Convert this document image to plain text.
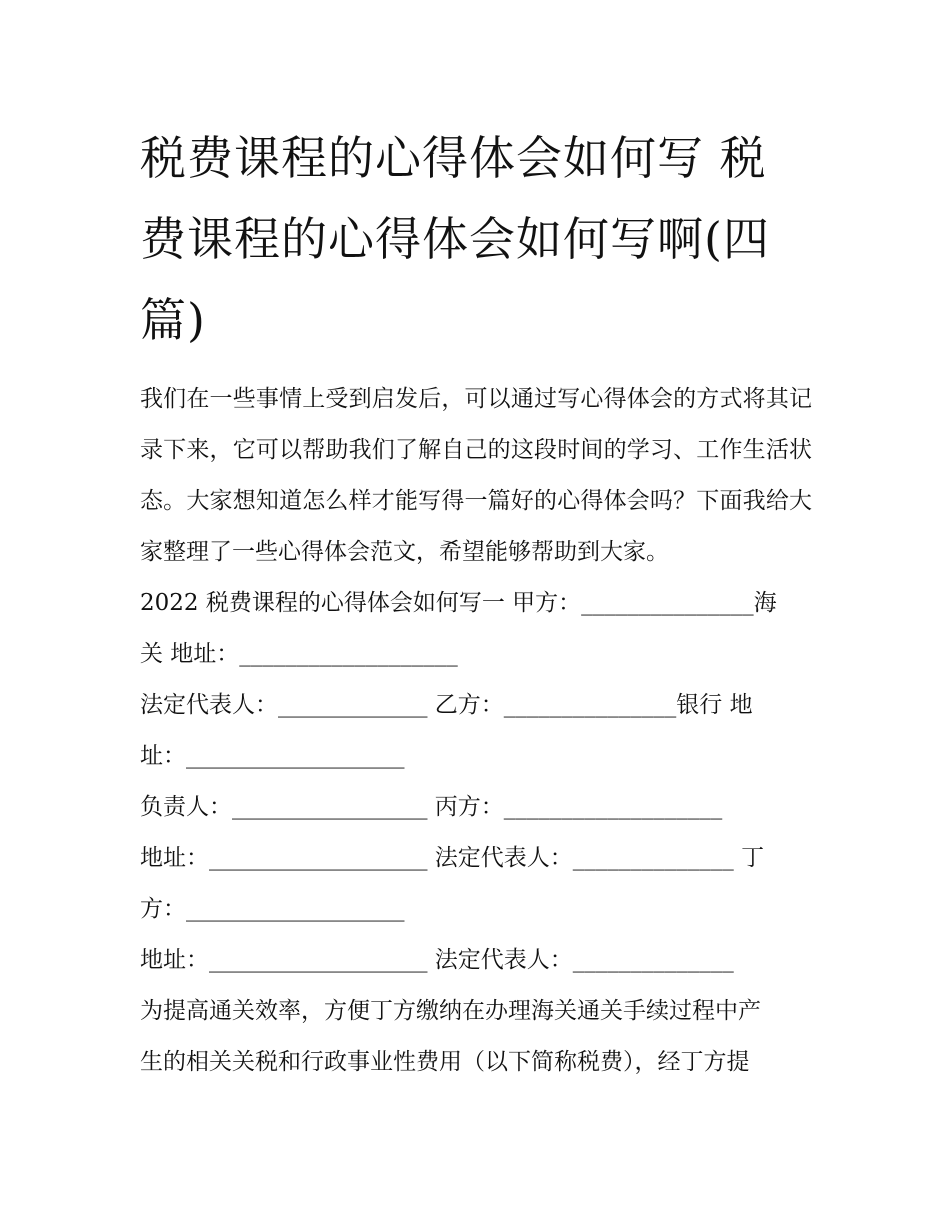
税费课程的心得体会如何写 税费课程的心得体会如何写啊(四篇)

我们在一些事情上受到启发后，可以通过写心得体会的方式将其记录下来，它可以帮助我们了解自己的这段时间的学习、工作生活状态。大家想知道怎么样才能写得一篇好的心得体会吗？下面我给大家整理了一些心得体会范文，希望能够帮助到大家。

2022 税费课程的心得体会如何写一 甲方：_______________海

关 地址：___________________

法定代表人：_____________ 乙方：_______________银行 地

址：___________________

负责人：_________________ 丙方：___________________

地址：___________________ 法定代表人：______________ 丁

方：___________________

地址：___________________ 法定代表人：______________

为提高通关效率，方便丁方缴纳在办理海关通关手续过程中产

生的相关关税和行政事业性费用（以下简称税费），经丁方提
